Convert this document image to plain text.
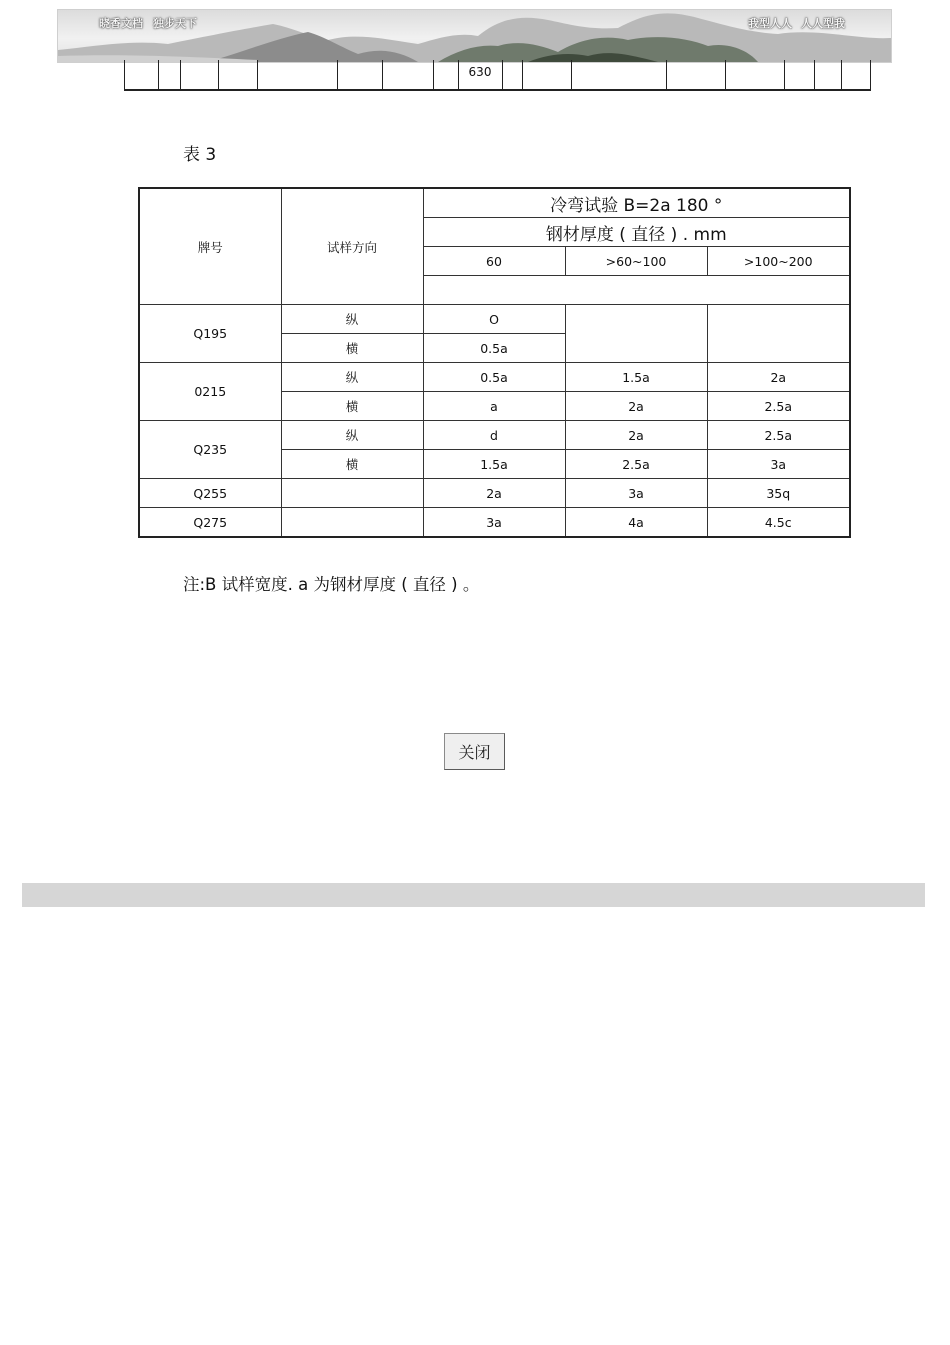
晓香文档 独步天下	我型人人 人人型我
630
表 3
牌号	试样方向	冷弯试验 B=2a 180 °		
		钢材厚度 ( 直径 ) . mm		
		60	>60~100	>100~200

Q195	纵	O		
	横	0.5a		
0215	纵	0.5a	1.5a	2a
	横	a	2a	2.5a
Q235	纵	d	2a	2.5a
	横	1.5a	2.5a	3a
Q255		2a	3a	35q
Q275		3a	4a	4.5c
注:B 试样宽度. a 为钢材厚度 ( 直径 ) 。
关闭
